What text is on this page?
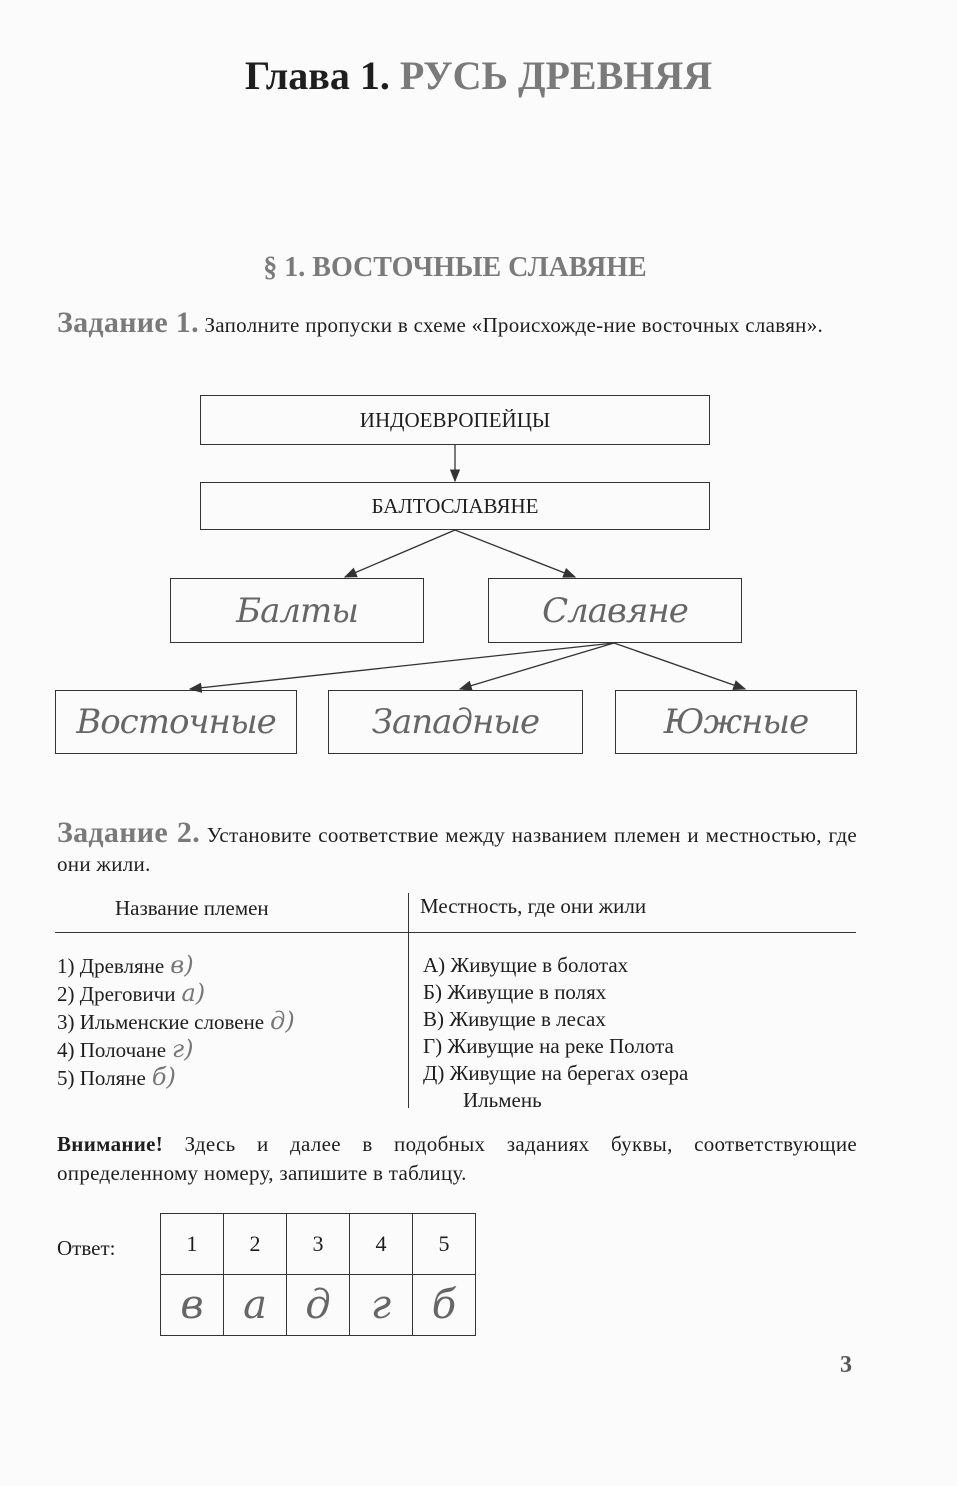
Глава 1. РУСЬ ДРЕВНЯЯ
§ 1. ВОСТОЧНЫЕ СЛАВЯНЕ
Задание 1. Заполните пропуски в схеме «Происхожде-ние восточных славян».
ИНДОЕВРОПЕЙЦЫ
БАЛТОСЛАВЯНЕ
Балты	Славяне
Восточные	Западные	Южные
Задание 2. Установите соответствие между названием племен и местностью, где они жили.
Название племен	Местность, где они жили
1) Древляне в)
2) Дреговичи а)
3) Ильменские словене д)
4) Полочане г)
5) Поляне б)
А) Живущие в болотах
Б) Живущие в полях
В) Живущие в лесах
Г) Живущие на реке Полота
Д) Живущие на берегах озера
Ильмень
Внимание! Здесь и далее в подобных заданиях буквы, соответствующие определенному номеру, запишите в таблицу.
Ответ:	1	2	3	4	5
в	а	д	г	б
3
